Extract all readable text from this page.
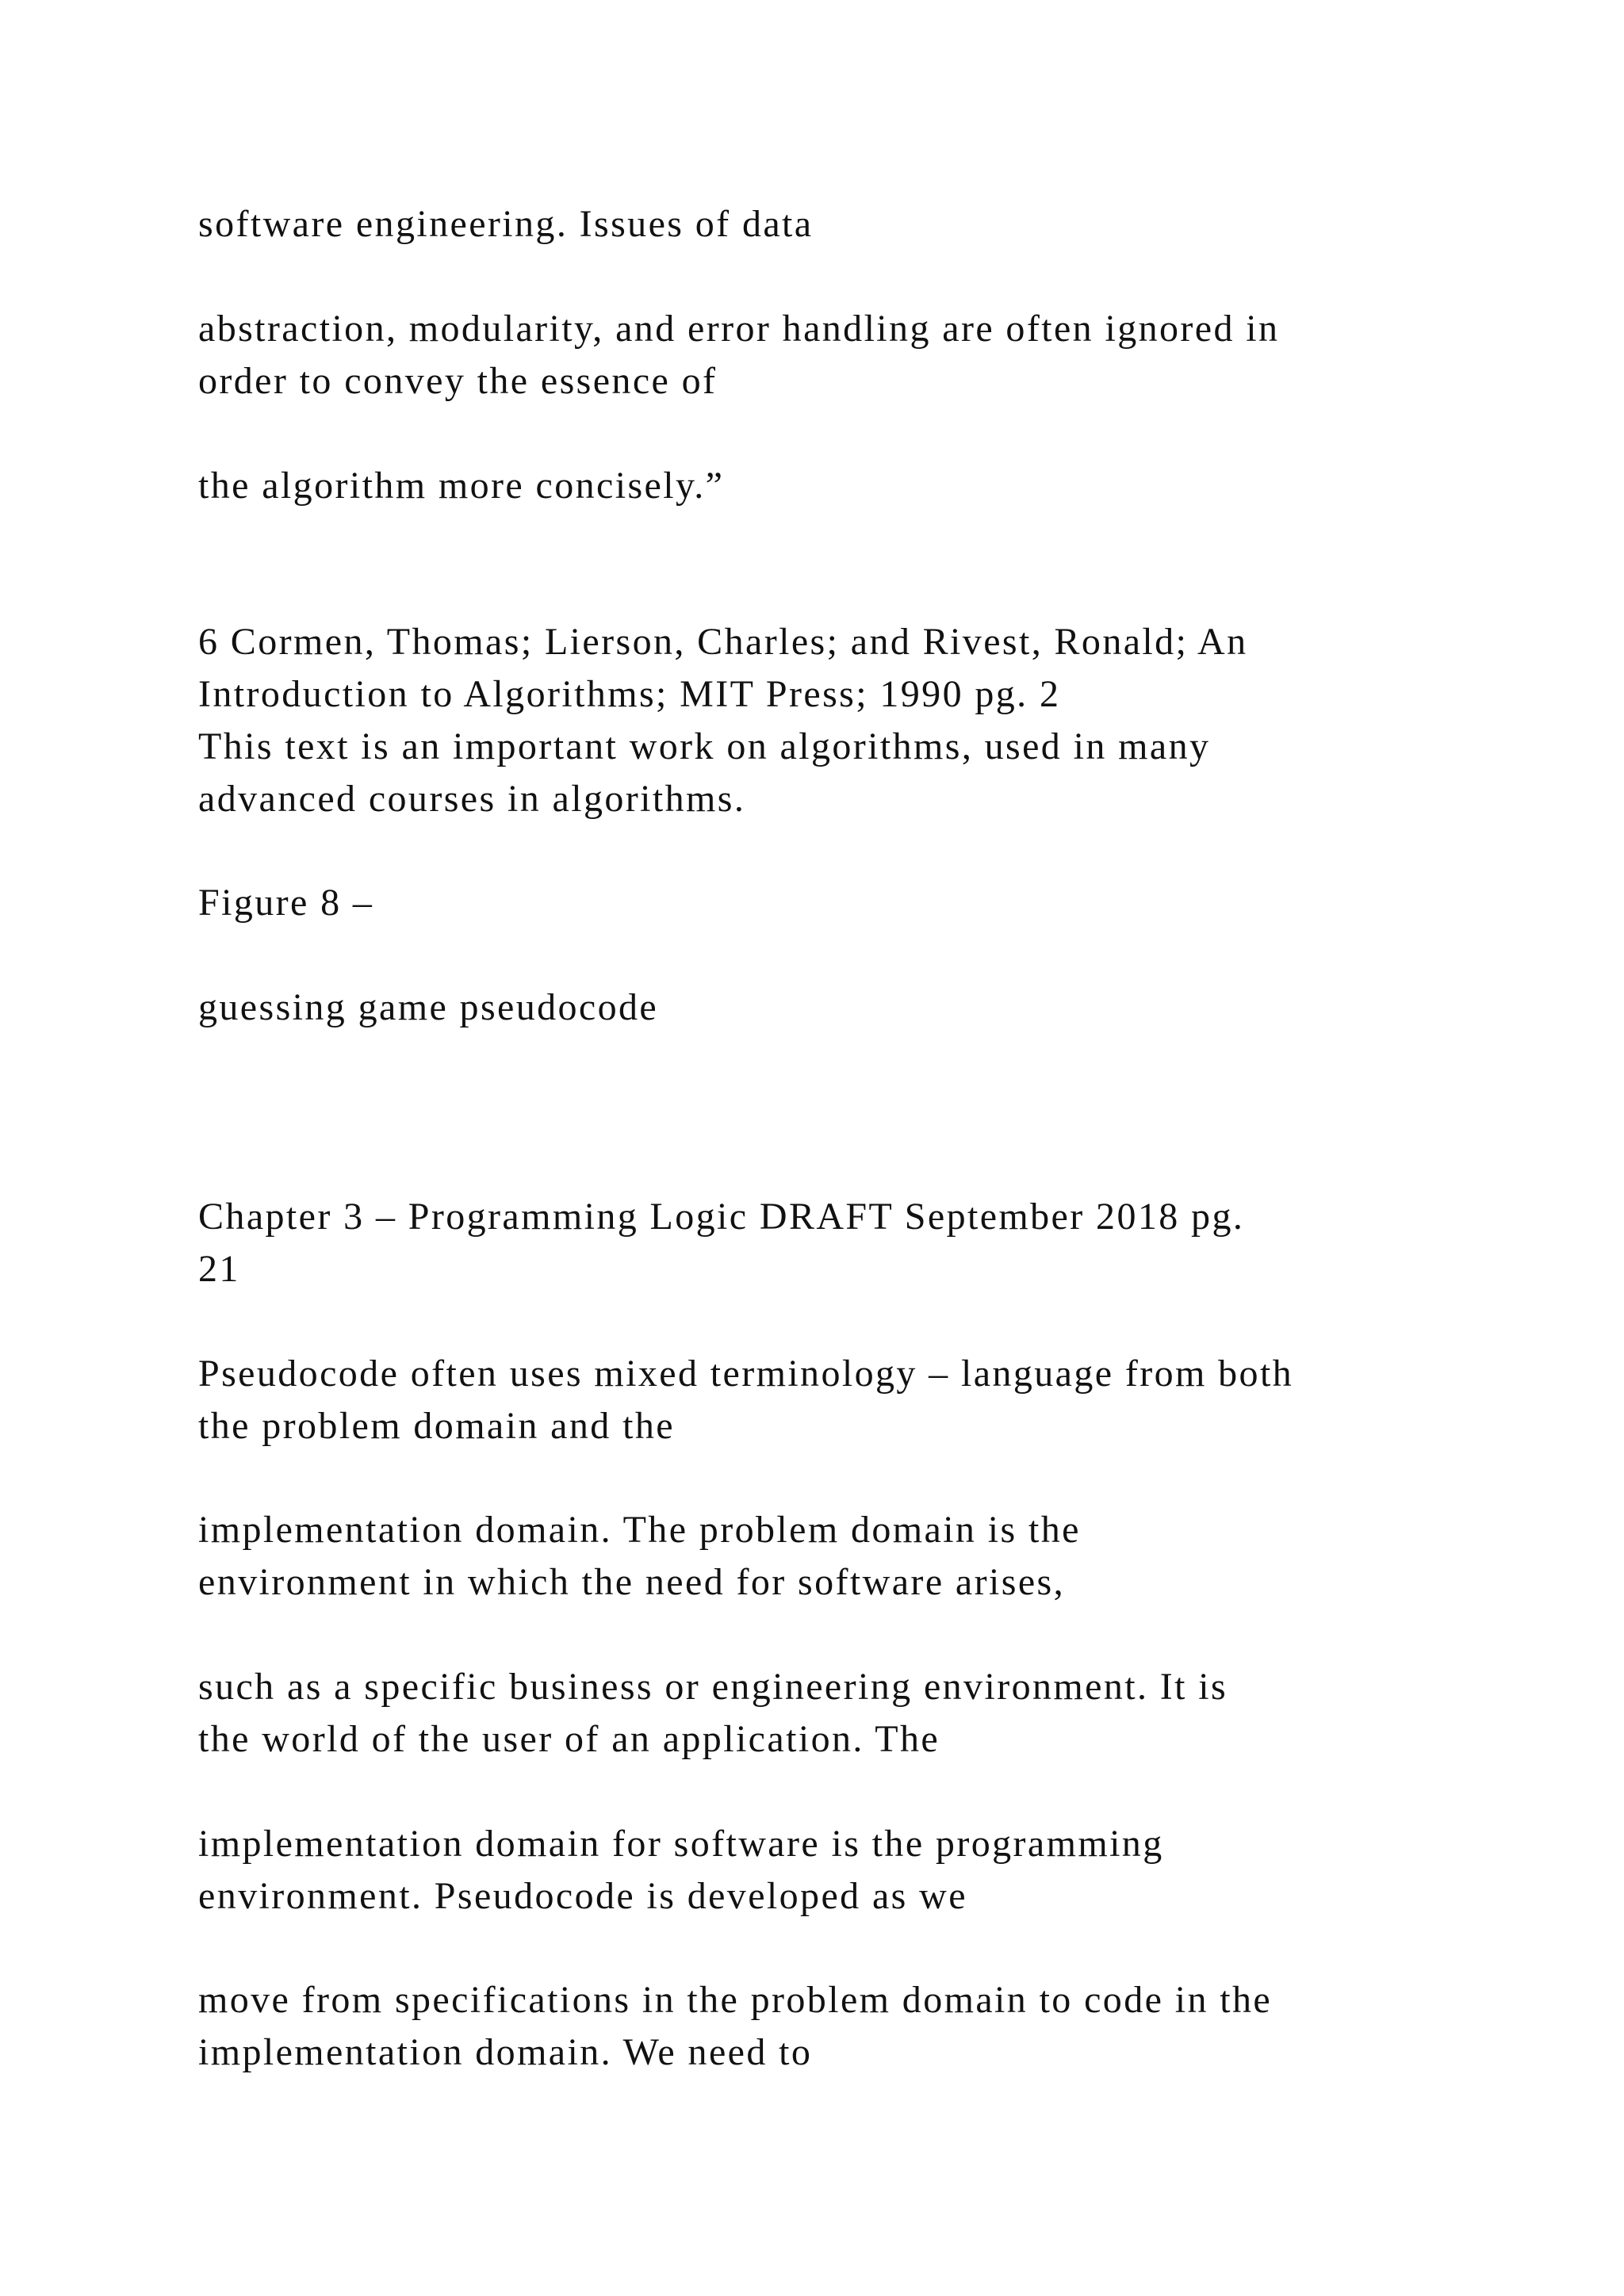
software engineering. Issues of data

abstraction, modularity, and error handling are often ignored in
order to convey the essence of

the algorithm more concisely.”

6 Cormen, Thomas; Lierson, Charles; and Rivest, Ronald; An
Introduction to Algorithms; MIT Press; 1990 pg. 2
This text is an important work on algorithms, used in many
advanced courses in algorithms.

Figure 8 –

guessing game pseudocode

Chapter 3 – Programming Logic DRAFT September 2018 pg.
21

Pseudocode often uses mixed terminology – language from both
the problem domain and the

implementation domain. The problem domain is the
environment in which the need for software arises,

such as a specific business or engineering environment. It is
the world of the user of an application. The

implementation domain for software is the programming
environment. Pseudocode is developed as we

move from specifications in the problem domain to code in the
implementation domain. We need to
